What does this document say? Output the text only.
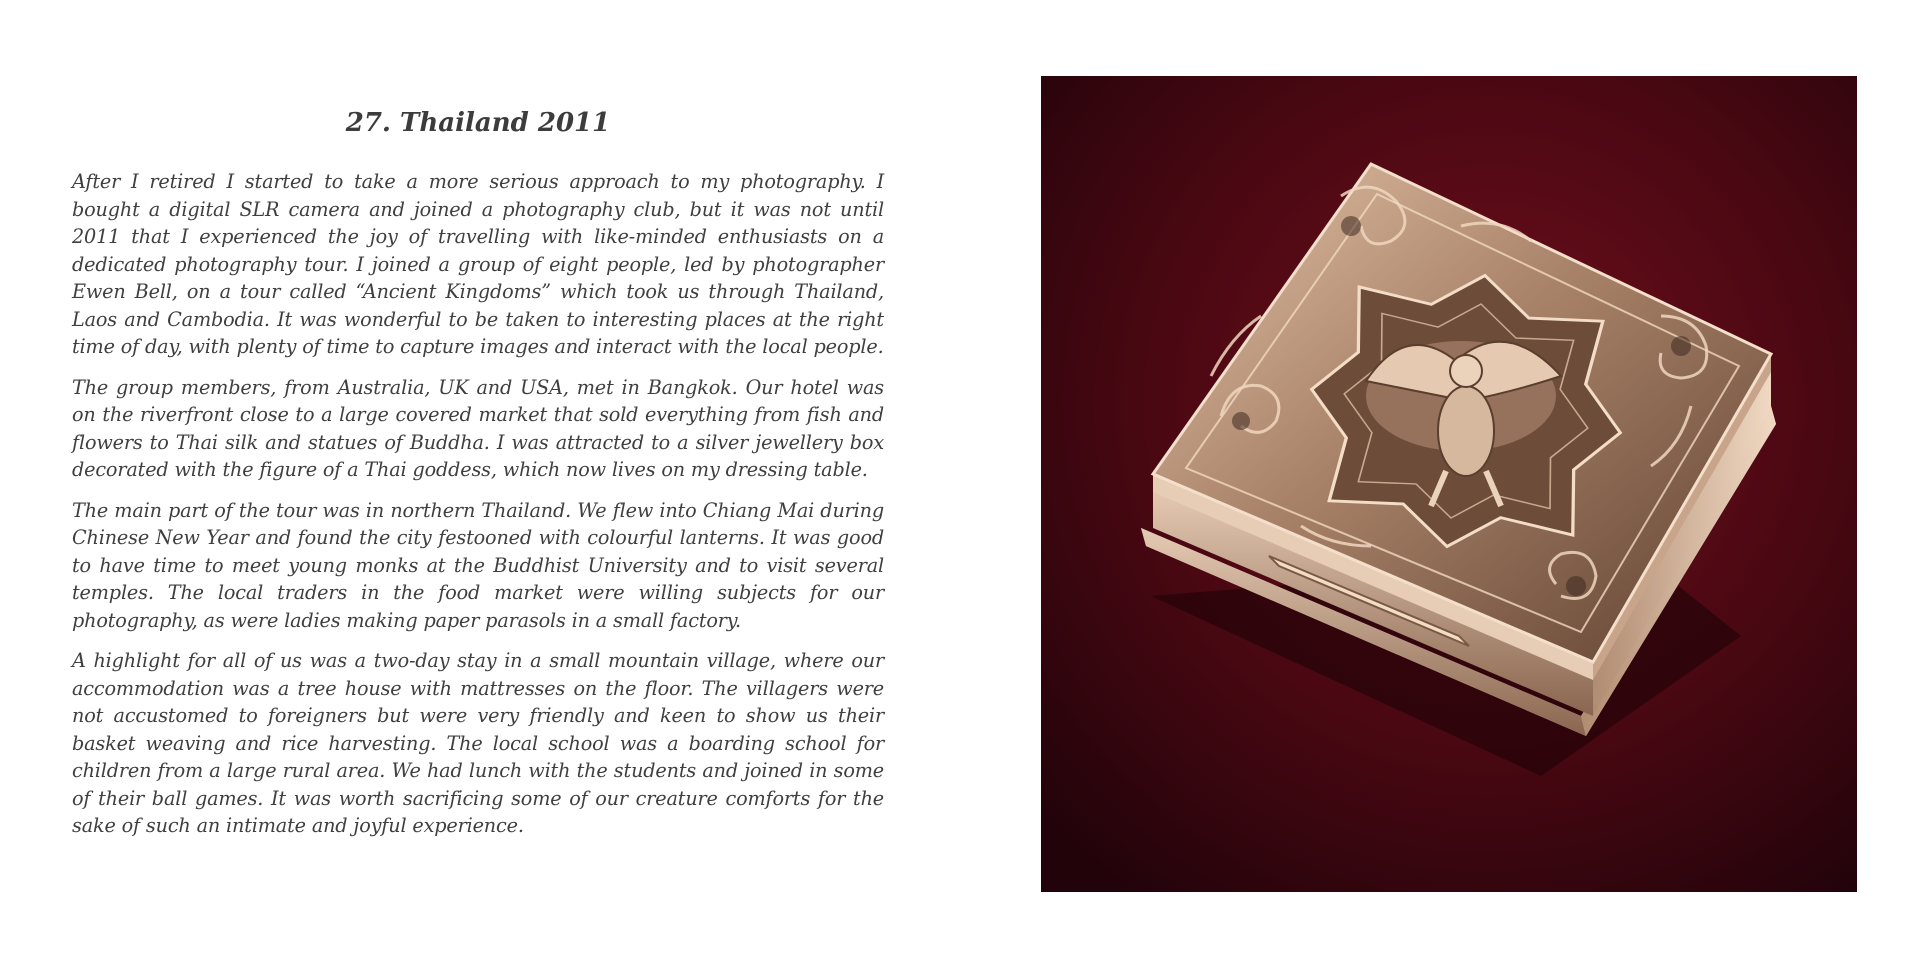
27. Thailand 2011

After I retired I started to take a more serious approach to my photography. I bought a digital SLR camera and joined a photography club, but it was not until 2011 that I experienced the joy of travelling with like-minded enthusiasts on a dedicated photography tour. I joined a group of eight people, led by photographer Ewen Bell, on a tour called “Ancient Kingdoms” which took us through Thailand, Laos and Cambodia. It was wonderful to be taken to interesting places at the right time of day, with plenty of time to capture images and interact with the local people.

The group members, from Australia, UK and USA, met in Bangkok. Our hotel was on the riverfront close to a large covered market that sold everything from fish and flowers to Thai silk and statues of Buddha. I was attracted to a silver jewellery box decorated with the figure of a Thai goddess, which now lives on my dressing table.

The main part of the tour was in northern Thailand. We flew into Chiang Mai during Chinese New Year and found the city festooned with colourful lanterns. It was good to have time to meet young monks at the Buddhist University and to visit several temples. The local traders in the food market were willing subjects for our photography, as were ladies making paper parasols in a small factory.

A highlight for all of us was a two-day stay in a small mountain village, where our accommodation was a tree house with mattresses on the floor. The villagers were not accustomed to foreigners but were very friendly and keen to show us their basket weaving and rice harvesting. The local school was a boarding school for children from a large rural area. We had lunch with the students and joined in some of their ball games. It was worth sacrificing some of our creature comforts for the sake of such an intimate and joyful experience.
